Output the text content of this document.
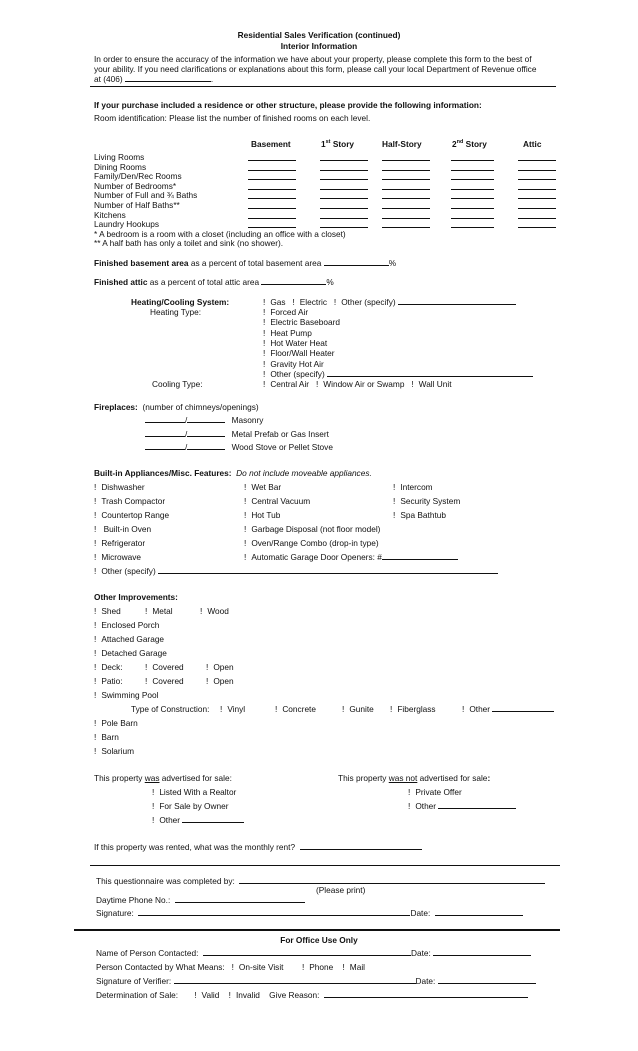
Residential Sales Verification (continued)
Interior Information
In order to ensure the accuracy of the information we have about your property, please complete this form to the best of
your ability. If you need clarifications or explanations about this form, please call your local Department of Revenue office
at (406)	.
If your purchase included a residence or other structure, please provide the following information:
Room identification: Please list the number of finished rooms on each level.
Basement	1st Story	Half-Story	2nd Story	Attic
Living Rooms
Dining Rooms
Family/Den/Rec Rooms
Number of Bedrooms*
Number of Full and ¾ Baths
Number of Half Baths**
Kitchens
Laundry Hookups
* A bedroom is a room with a closet (including an office with a closet)
** A half bath has only a toilet and sink (no shower).
Finished basement area as a percent of total basement area	%
Finished attic as a percent of total attic area	%
Heating/Cooling System:	! Gas ! Electric ! Other (specify)
Heating Type:	! Forced Air
! Electric Baseboard
! Heat Pump
! Hot Water Heat
! Floor/Wall Heater
! Gravity Hot Air
! Other (specify)
Cooling Type:	! Central Air ! Window Air or Swamp ! Wall Unit
Fireplaces: (number of chimneys/openings)
/	Masonry
/	Metal Prefab or Gas Insert
/	Wood Stove or Pellet Stove
Built-in Appliances/Misc. Features: Do not include moveable appliances.
! Dishwasher
! Trash Compactor
! Countertop Range
! Built-in Oven
! Refrigerator
! Microwave
! Other (specify)
! Wet Bar
! Central Vacuum
! Hot Tub
! Garbage Disposal (not floor model)
! Oven/Range Combo (drop-in type)
! Automatic Garage Door Openers: #
! Intercom
! Security System
! Spa Bathtub
Other Improvements:
! Shed	! Metal	! Wood
! Enclosed Porch
! Attached Garage
! Detached Garage
! Deck:	! Covered	! Open
! Patio:	! Covered	! Open
! Swimming Pool
Type of Construction: ! Vinyl	! Concrete	! Gunite ! Fiberglass	! Other
! Pole Barn
! Barn
! Solarium
This property was advertised for sale:	This property was not advertised for sale:
! Listed With a Realtor
! For Sale by Owner
! Other
! Private Offer
! Other
If this property was rented, what was the monthly rent?
This questionnaire was completed by:
(Please print)
Daytime Phone No.:
Signature:	Date:
For Office Use Only
Name of Person Contacted:	Date:
Person Contacted by What Means: ! On-site Visit ! Phone ! Mail
Signature of Verifier:	Date:
Determination of Sale: ! Valid ! Invalid Give Reason:
